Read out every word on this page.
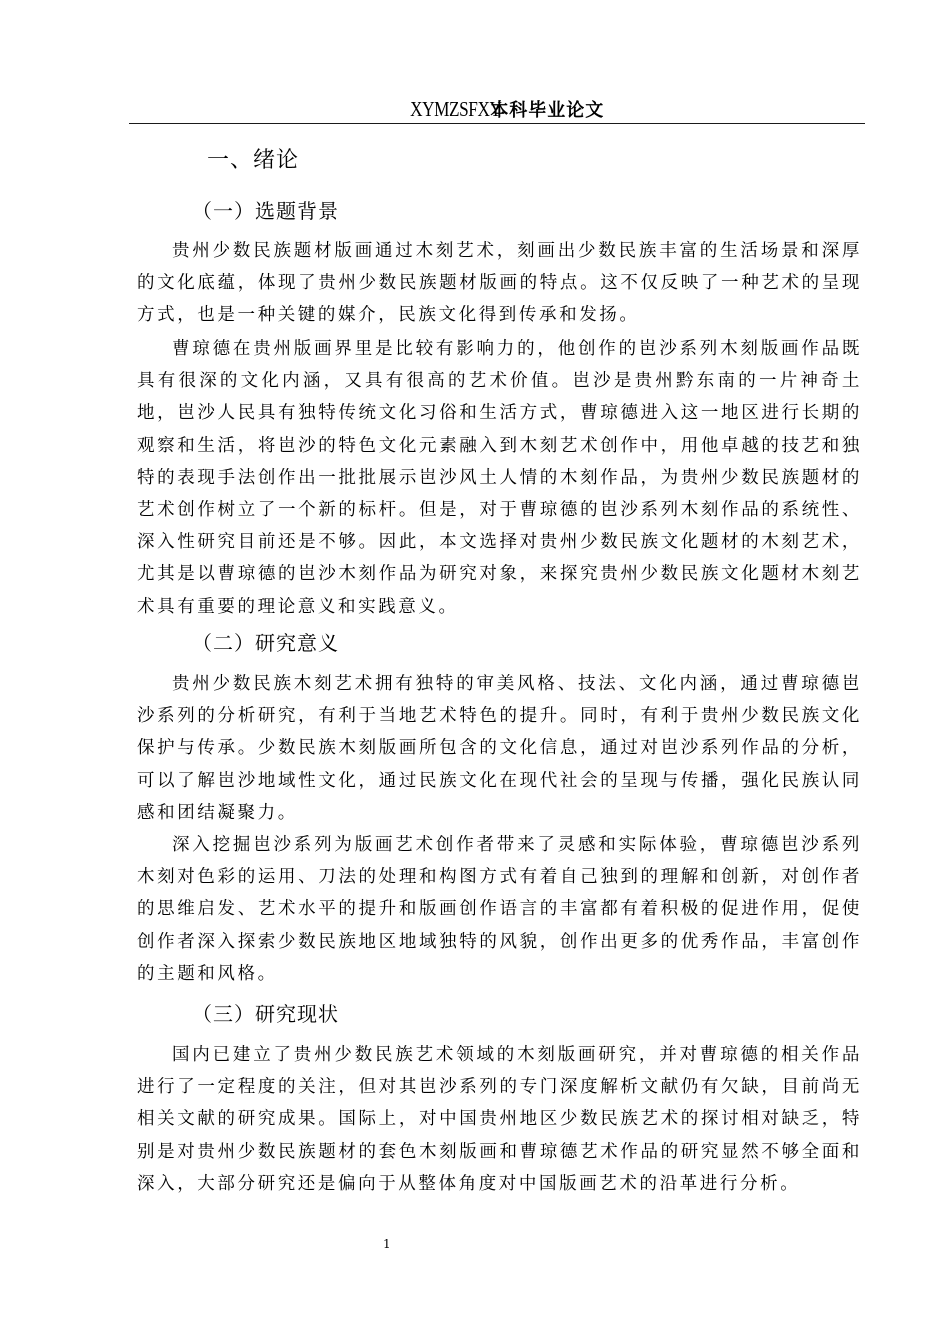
XYMZSFXY 本科毕业论文
一、绪论
（一）选题背景

贵州少数民族题材版画通过木刻艺术，刻画出少数民族丰富的生活场景和深厚的文化底蕴，体现了贵州少数民族题材版画的特点。这不仅反映了一种艺术的呈现方式，也是一种关键的媒介，民族文化得到传承和发扬。

曹琼德在贵州版画界里是比较有影响力的，他创作的岜沙系列木刻版画作品既具有很深的文化内涵，又具有很高的艺术价值。岜沙是贵州黔东南的一片神奇土地，岜沙人民具有独特传统文化习俗和生活方式，曹琼德进入这一地区进行长期的观察和生活，将岜沙的特色文化元素融入到木刻艺术创作中，用他卓越的技艺和独特的表现手法创作出一批批展示岜沙风土人情的木刻作品，为贵州少数民族题材的艺术创作树立了一个新的标杆。但是，对于曹琼德的岜沙系列木刻作品的系统性、深入性研究目前还是不够。因此，本文选择对贵州少数民族文化题材的木刻艺术，尤其是以曹琼德的岜沙木刻作品为研究对象，来探究贵州少数民族文化题材木刻艺术具有重要的理论意义和实践意义。

（二）研究意义

贵州少数民族木刻艺术拥有独特的审美风格、技法、文化内涵，通过曹琼德岜沙系列的分析研究，有利于当地艺术特色的提升。同时，有利于贵州少数民族文化保护与传承。少数民族木刻版画所包含的文化信息，通过对岜沙系列作品的分析，可以了解岜沙地域性文化，通过民族文化在现代社会的呈现与传播，强化民族认同感和团结凝聚力。

深入挖掘岜沙系列为版画艺术创作者带来了灵感和实际体验，曹琼德岜沙系列木刻对色彩的运用、刀法的处理和构图方式有着自己独到的理解和创新，对创作者的思维启发、艺术水平的提升和版画创作语言的丰富都有着积极的促进作用，促使创作者深入探索少数民族地区地域独特的风貌，创作出更多的优秀作品，丰富创作的主题和风格。

（三）研究现状

国内已建立了贵州少数民族艺术领域的木刻版画研究，并对曹琼德的相关作品进行了一定程度的关注，但对其岜沙系列的专门深度解析文献仍有欠缺，目前尚无相关文献的研究成果。国际上，对中国贵州地区少数民族艺术的探讨相对缺乏，特别是对贵州少数民族题材的套色木刻版画和曹琼德艺术作品的研究显然不够全面和深入，大部分研究还是偏向于从整体角度对中国版画艺术的沿革进行分析。

1
